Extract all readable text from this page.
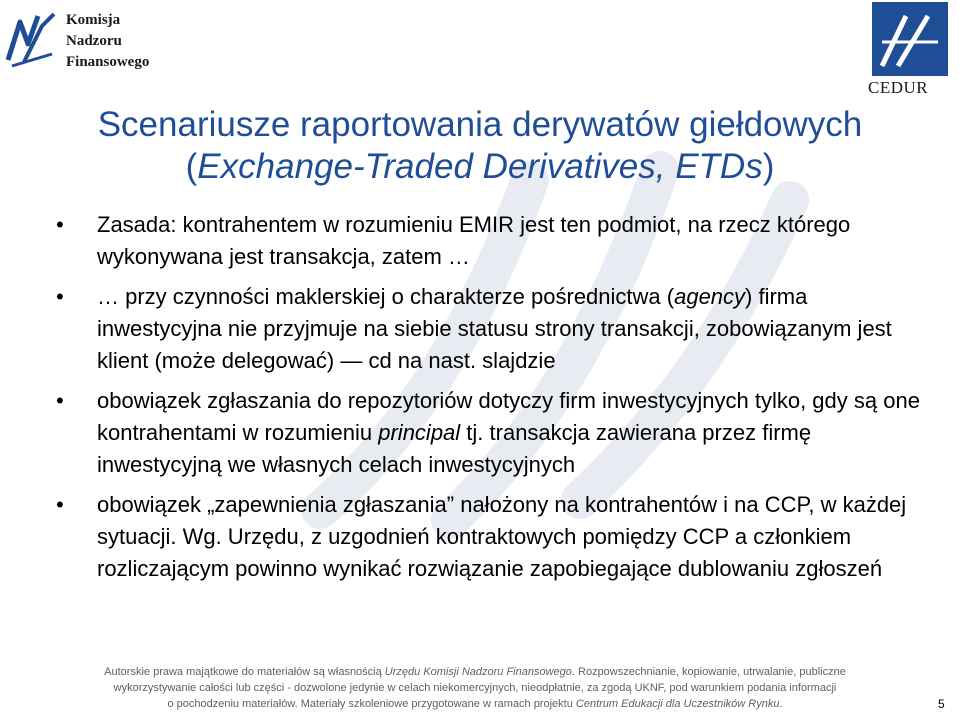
Komisja
Nadzoru
Finansowego
CEDUR
Scenariusze raportowania derywatów giełdowych
(Exchange-Traded Derivatives, ETDs)
• Zasada: kontrahentem w rozumieniu EMIR jest ten podmiot, na rzecz którego wykonywana jest transakcja, zatem …
• … przy czynności maklerskiej o charakterze pośrednictwa (agency) firma inwestycyjna nie przyjmuje na siebie statusu strony transakcji, zobowiązanym jest klient (może delegować) — cd na nast. slajdzie
• obowiązek zgłaszania do repozytoriów dotyczy firm inwestycyjnych tylko, gdy są one kontrahentami w rozumieniu principal tj. transakcja zawierana przez firmę inwestycyjną we własnych celach inwestycyjnych
• obowiązek „zapewnienia zgłaszania” nałożony na kontrahentów i na CCP, w każdej sytuacji. Wg. Urzędu, z uzgodnień kontraktowych pomiędzy CCP a członkiem rozliczającym powinno wynikać rozwiązanie zapobiegające dublowaniu zgłoszeń
Autorskie prawa majątkowe do materiałów są własnością Urzędu Komisji Nadzoru Finansowego. Rozpowszechnianie, kopiowanie, utrwalanie, publiczne
wykorzystywanie całości lub części - dozwolone jedynie w celach niekomercyjnych, nieodpłatnie, za zgodą UKNF, pod warunkiem podania informacji
o pochodzeniu materiałów. Materiały szkoleniowe przygotowane w ramach projektu Centrum Edukacji dla Uczestników Rynku.	5
